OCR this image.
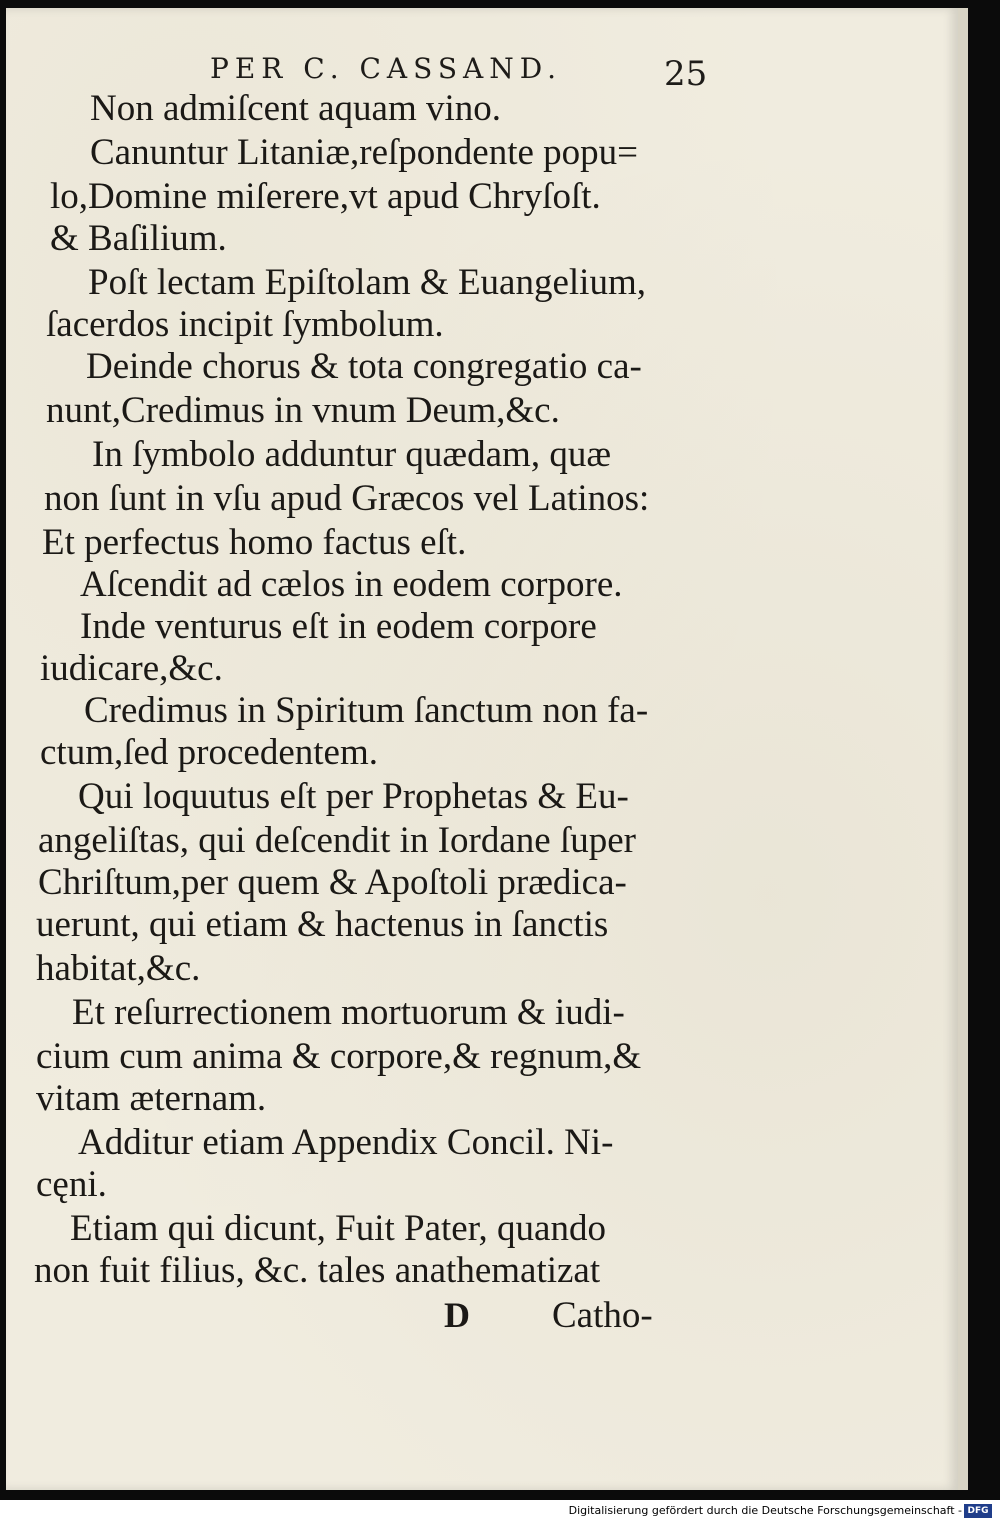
PER C. CASSAND.	25
Non admiſcent aquam vino.
Canuntur Litaniæ,reſpondente popu=
lo,Domine miſerere,vt apud Chryſoſt.
& Baſilium.
Poſt lectam Epiſtolam & Euangelium,
ſacerdos incipit ſymbolum.
Deinde chorus & tota congregatio ca-
nunt,Credimus in vnum Deum,&c.
In ſymbolo adduntur quædam, quæ
non ſunt in vſu apud Græcos vel Latinos:
Et perfectus homo factus eſt.
Aſcendit ad cælos in eodem corpore.
Inde venturus eſt in eodem corpore
iudicare,&c.
Credimus in Spiritum ſanctum non fa-
ctum,ſed procedentem.
Qui loquutus eſt per Prophetas & Eu-
angeliſtas, qui deſcendit in Iordane ſuper
Chriſtum,per quem & Apoſtoli prædica-
uerunt, qui etiam & hactenus in ſanctis
habitat,&c.
Et reſurrectionem mortuorum & iudi-
cium cum anima & corpore,& regnum,&
vitam æternam.
Additur etiam Appendix Concil. Ni-
cęni.
Etiam qui dicunt, Fuit Pater, quando
non fuit filius, &c. tales anathematizat
D Catho-
Digitalisierung gefördert durch die Deutsche Forschungsgemeinschaft - DFG
